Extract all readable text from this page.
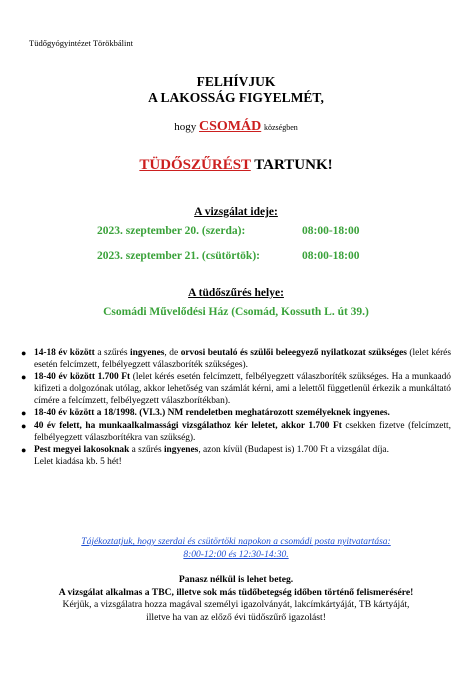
Tüdőgyógyintézet Törökbálint
FELHÍVJUK
A LAKOSSÁG FIGYELMÉT,
hogy CSOMÁD községben
TÜDŐSZŰRÉST TARTUNK!
A vizsgálat ideje:
2023. szeptember 20. (szerda):	08:00-18:00
2023. szeptember 21. (csütörtök):	08:00-18:00
A tüdőszűrés helye:
Csomádi Művelődési Ház (Csomád, Kossuth L. út 39.)
● 14-18 év között a szűrés ingyenes, de orvosi beutaló és szülői beleegyező nyilatkozat szükséges (lelet kérés esetén felcímzett, felbélyegzett válaszboríték szükséges).
● 18-40 év között 1.700 Ft (lelet kérés esetén felcímzett, felbélyegzett válaszboríték szükséges. Ha a munkaadó kifizeti a dolgozónak utólag, akkor lehetőség van számlát kérni, ami a lelettől függetlenül érkezik a munkáltató címére a felcímzett, felbélyegzett válaszborítékban).
● 18-40 év között a 18/1998. (VI.3.) NM rendeletben meghatározott személyeknek ingyenes.
● 40 év felett, ha munkaalkalmassági vizsgálathoz kér leletet, akkor 1.700 Ft csekken fizetve (felcímzett, felbélyegzett válaszborítékra van szükség).
● Pest megyei lakosoknak a szűrés ingyenes, azon kívül (Budapest is) 1.700 Ft a vizsgálat díja.
Lelet kiadása kb. 5 hét!
Tájékoztatjuk, hogy szerdai és csütörtöki napokon a csomádi posta nyitvatartása:
8:00-12:00 és 12:30-14:30.
Panasz nélkül is lehet beteg.
A vizsgálat alkalmas a TBC, illetve sok más tüdőbetegség időben történő felismerésére!
Kérjük, a vizsgálatra hozza magával személyi igazolványát, lakcímkártyáját, TB kártyáját,
illetve ha van az előző évi tüdőszűrő igazolást!
